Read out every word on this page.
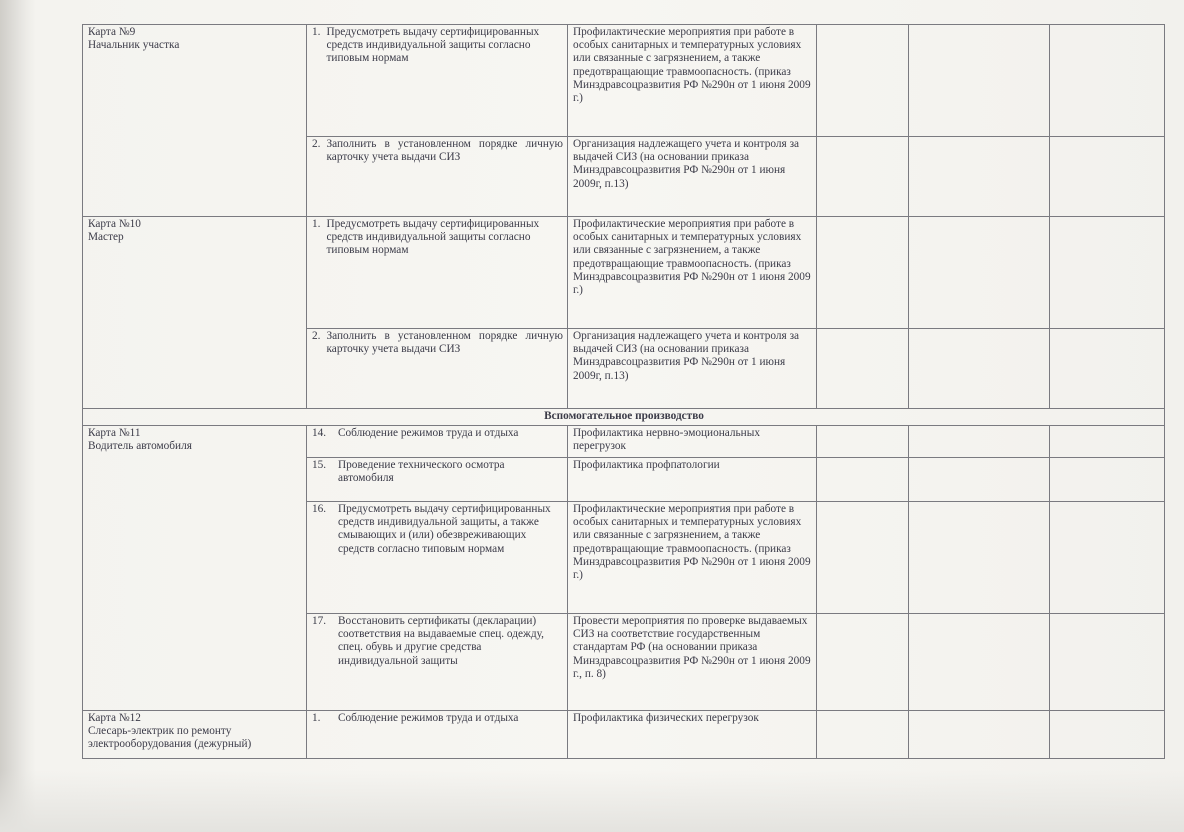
Карта №9
Начальник участка	1. Предусмотреть выдачу сертифицированных средств индивидуальной защиты согласно типовым нормам	Профилактические мероприятия при работе в особых санитарных и температурных условиях или связанные с загрязнением, а также предотвращающие травмоопасность. (приказ Минздравсоцразвития РФ №290н от 1 июня 2009 г.)			

	2. Заполнить в установленном порядке личную карточку учета выдачи СИЗ	Организация надлежащего учета и контроля за выдачей СИЗ (на основании приказа Минздравсоцразвития РФ №290н от 1 июня 2009г, п.13)			

Карта №10
Мастер	1. Предусмотреть выдачу сертифицированных средств индивидуальной защиты согласно типовым нормам	Профилактические мероприятия при работе в особых санитарных и температурных условиях или связанные с загрязнением, а также предотвращающие травмоопасность. (приказ Минздравсоцразвития РФ №290н от 1 июня 2009 г.)			

	2. Заполнить в установленном порядке личную карточку учета выдачи СИЗ	Организация надлежащего учета и контроля за выдачей СИЗ (на основании приказа Минздравсоцразвития РФ №290н от 1 июня 2009г, п.13)			
Вспомогательное производство					

Карта №11
Водитель автомобиля	14. Соблюдение режимов труда и отдыха	Профилактика нервно-эмоциональных перегрузок			

	15. Проведение технического осмотра автомобиля	Профилактика профпатологии			

	16. Предусмотреть выдачу сертифицированных средств индивидуальной защиты, а также смывающих и (или) обезвреживающих средств согласно типовым нормам	Профилактические мероприятия при работе в особых санитарных и температурных условиях или связанные с загрязнением, а также предотвращающие травмоопасность. (приказ Минздравсоцразвития РФ №290н от 1 июня 2009 г.)			

	17. Восстановить сертификаты (декларации) соответствия на выдаваемые спец. одежду, спец. обувь и другие средства индивидуальной защиты	Провести мероприятия по проверке выдаваемых СИЗ на соответствие государственным стандартам РФ (на основании приказа Минздравсоцразвития РФ №290н от 1 июня 2009 г., п. 8)			

Карта №12
Слесарь-электрик по ремонту электрооборудования (дежурный)	1. Соблюдение режимов труда и отдыха	Профилактика физических перегрузок			
